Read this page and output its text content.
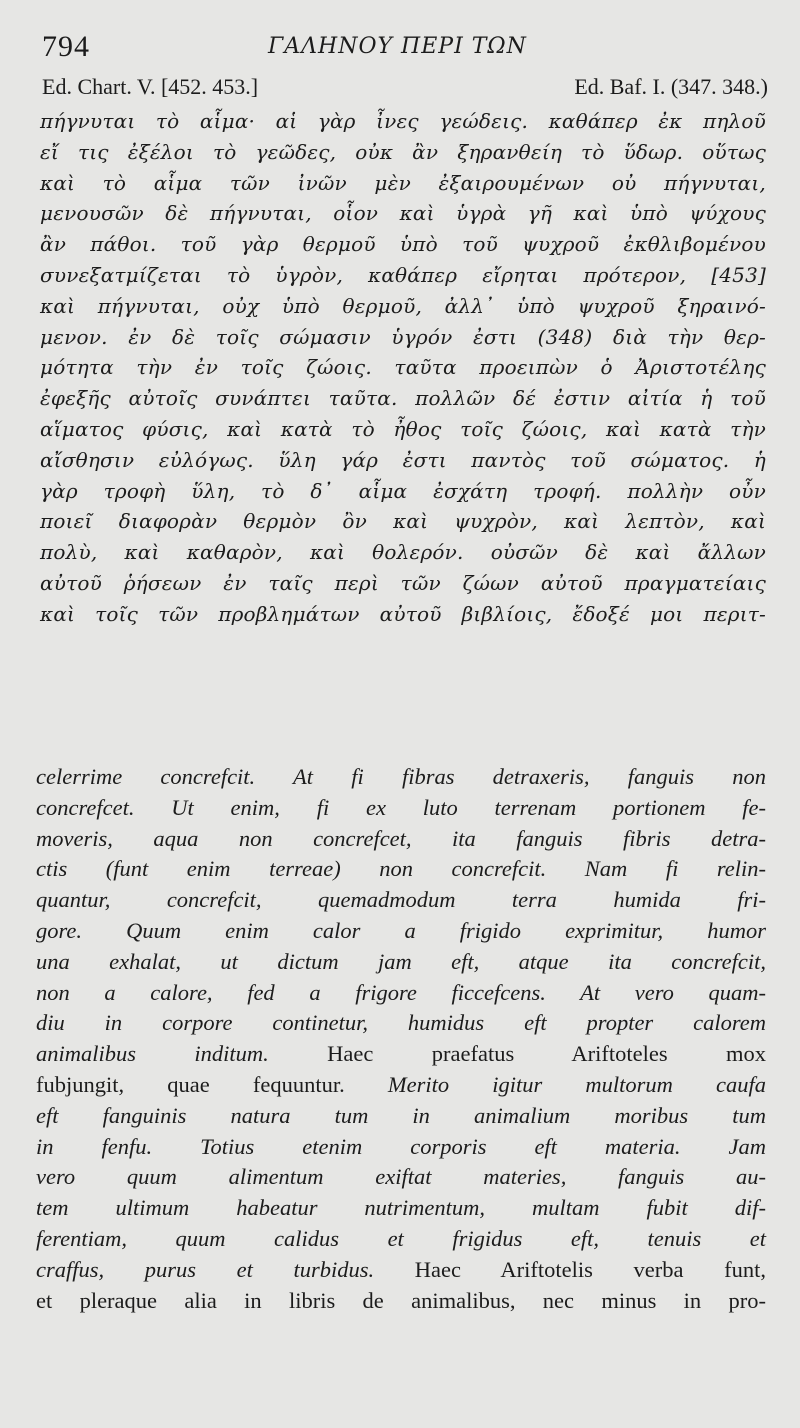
794	ΓΑΛΗΝΟΥ ΠΕΡΙ ΤΩΝ
Ed. Chart. V. [452. 453.]	Ed. Baf. I. (347. 348.)
πήγνυται τὸ αἷμα· αἱ γὰρ ἶνες γεώδεις. καθάπερ ἐκ πηλοῦ
εἴ τις ἐξέλοι τὸ γεῶδες, οὐκ ἂν ξηρανθείη τὸ ὕδωρ. οὕτως
καὶ τὸ αἷμα τῶν ἰνῶν μὲν ἐξαιρουμένων οὐ πήγνυται,
μενουσῶν δὲ πήγνυται, οἷον καὶ ὑγρὰ γῆ καὶ ὑπὸ ψύχους
ἂν πάθοι. τοῦ γὰρ θερμοῦ ὑπὸ τοῦ ψυχροῦ ἐκθλιβομένου
συνεξατμίζεται τὸ ὑγρὸν, καθάπερ εἴρηται πρότερον, [453]
καὶ πήγνυται, οὐχ ὑπὸ θερμοῦ, ἀλλ᾽ ὑπὸ ψυχροῦ ξηραινό-
μενον. ἐν δὲ τοῖς σώμασιν ὑγρόν ἐστι (348) διὰ τὴν θερ-
μότητα τὴν ἐν τοῖς ζώοις. ταῦτα προειπὼν ὁ Ἀριστοτέλης
ἐφεξῆς αὐτοῖς συνάπτει ταῦτα. πολλῶν δέ ἐστιν αἰτία ἡ τοῦ
αἵματος φύσις, καὶ κατὰ τὸ ἦθος τοῖς ζώοις, καὶ κατὰ τὴν
αἴσθησιν εὐλόγως. ὕλη γάρ ἐστι παντὸς τοῦ σώματος. ἡ
γὰρ τροφὴ ὕλη, τὸ δ᾽ αἷμα ἐσχάτη τροφή. πολλὴν οὖν
ποιεῖ διαφορὰν θερμὸν ὂν καὶ ψυχρὸν, καὶ λεπτὸν, καὶ
πολὺ, καὶ καθαρὸν, καὶ θολερόν. οὐσῶν δὲ καὶ ἄλλων
αὐτοῦ ῥήσεων ἐν ταῖς περὶ τῶν ζώων αὐτοῦ πραγματείαις
καὶ τοῖς τῶν προβλημάτων αὐτοῦ βιβλίοις, ἔδοξέ μοι περιτ-
celerrime concrefcit. At fi fibras detraxeris, fanguis non
concrefcet. Ut enim, fi ex luto terrenam portionem fe-
moveris, aqua non concrefcet, ita fanguis fibris detra-
ctis (funt enim terreae) non concrefcit. Nam fi relin-
quantur, concrefcit, quemadmodum terra humida fri-
gore. Quum enim calor a frigido exprimitur, humor
una exhalat, ut dictum jam eft, atque ita concrefcit,
non a calore, fed a frigore ficcefcens. At vero quam-
diu in corpore continetur, humidus eft propter calorem
animalibus inditum. Haec praefatus Ariftoteles mox
fubjungit, quae fequuntur. Merito igitur multorum caufa
eft fanguinis natura tum in animalium moribus tum
in fenfu. Totius etenim corporis eft materia. Jam
vero quum alimentum exiftat materies, fanguis au-
tem ultimum habeatur nutrimentum, multam fubit dif-
ferentiam, quum calidus et frigidus eft, tenuis et
craffus, purus et turbidus. Haec Ariftotelis verba funt,
et pleraque alia in libris de animalibus, nec minus in pro-
